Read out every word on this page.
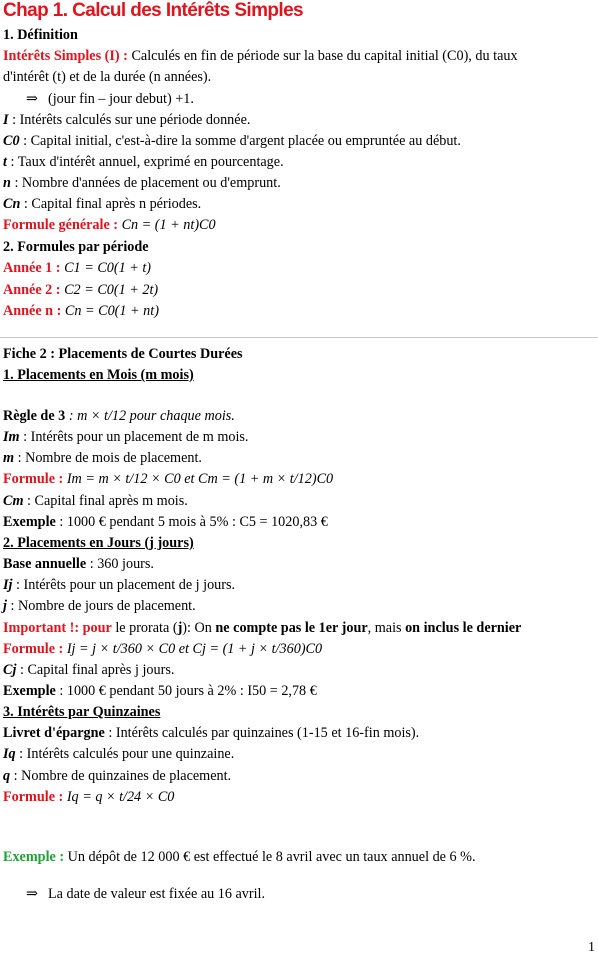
Chap 1. Calcul des Intérêts Simples
1. Définition
Intérêts Simples (I) : Calculés en fin de période sur la base du capital initial (C0), du taux
d'intérêt (t) et de la durée (n années).
⇒ (jour fin – jour debut) +1.
I : Intérêts calculés sur une période donnée.
C0 : Capital initial, c'est-à-dire la somme d'argent placée ou empruntée au début.
t : Taux d'intérêt annuel, exprimé en pourcentage.
n : Nombre d'années de placement ou d'emprunt.
Cn : Capital final après n périodes.
Formule générale : Cn = (1 + nt)C0
2. Formules par période
Année 1 : C1 = C0(1 + t)
Année 2 : C2 = C0(1 + 2t)
Année n : Cn = C0(1 + nt)
Fiche 2 : Placements de Courtes Durées
1. Placements en Mois (m mois)
Règle de 3 : m × t/12 pour chaque mois.
Im : Intérêts pour un placement de m mois.
m : Nombre de mois de placement.
Formule : Im = m × t/12 × C0 et Cm = (1 + m × t/12)C0
Cm : Capital final après m mois.
Exemple : 1000 € pendant 5 mois à 5% : C5 = 1020,83 €
2. Placements en Jours (j jours)
Base annuelle : 360 jours.
Ij : Intérêts pour un placement de j jours.
j : Nombre de jours de placement.
Important !: pour le prorata (j): On ne compte pas le 1er jour, mais on inclus le dernier
Formule : Ij = j × t/360 × C0 et Cj = (1 + j × t/360)C0
Cj : Capital final après j jours.
Exemple : 1000 € pendant 50 jours à 2% : I50 = 2,78 €
3. Intérêts par Quinzaines
Livret d'épargne : Intérêts calculés par quinzaines (1-15 et 16-fin mois).
Iq : Intérêts calculés pour une quinzaine.
q : Nombre de quinzaines de placement.
Formule : Iq = q × t/24 × C0
Exemple : Un dépôt de 12 000 € est effectué le 8 avril avec un taux annuel de 6 %.
⇒ La date de valeur est fixée au 16 avril.
1
